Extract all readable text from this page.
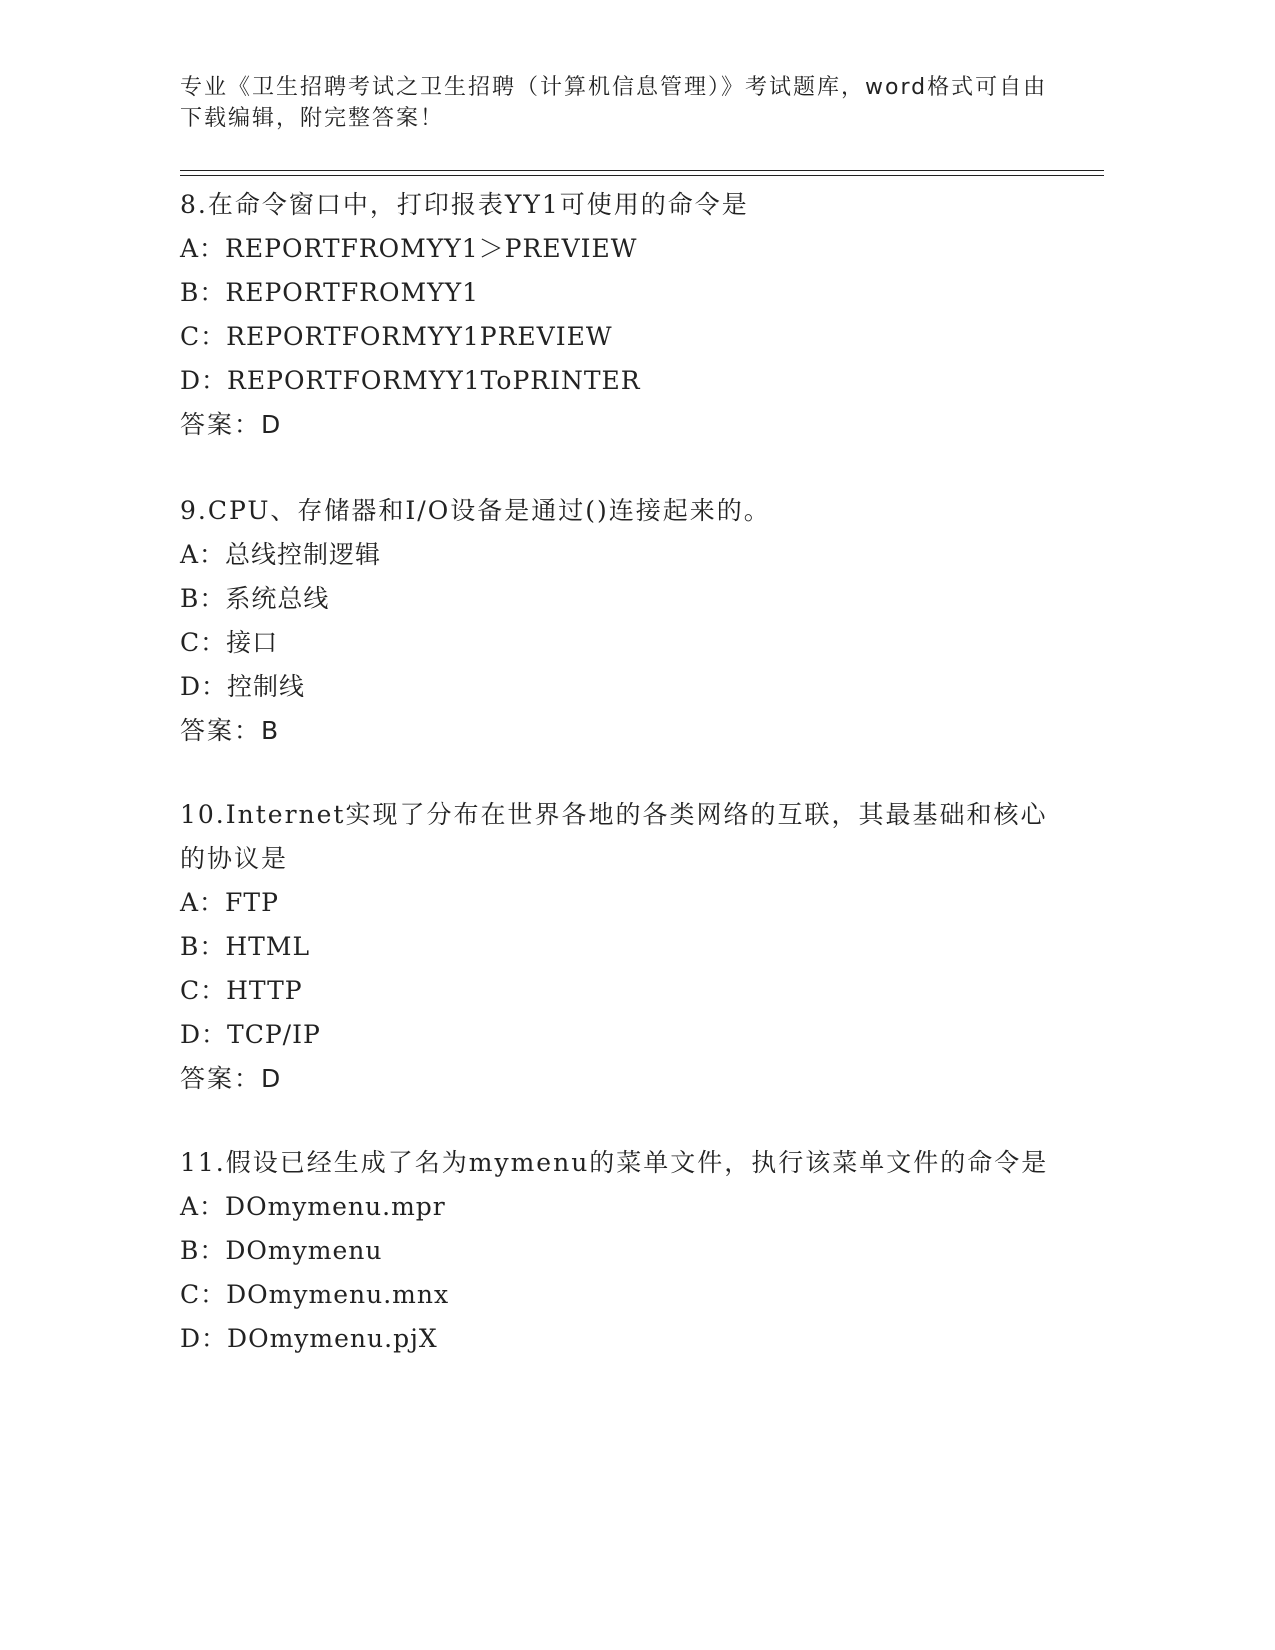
专业《卫生招聘考试之卫生招聘（计算机信息管理）》考试题库，word格式可自由下载编辑，附完整答案！

8.在命令窗口中，打印报表YY1可使用的命令是

A：REPORTFROMYY1＞PREVIEW

B：REPORTFROMYY1

C：REPORTFORMYY1PREVIEW

D：REPORTFORMYY1ToPRINTER

答案：D

9.CPU、存储器和I/O设备是通过()连接起来的。

A：总线控制逻辑

B：系统总线

C：接口

D：控制线

答案：B

10.Internet实现了分布在世界各地的各类网络的互联，其最基础和核心的协议是

A：FTP

B：HTML

C：HTTP

D：TCP/IP

答案：D

11.假设已经生成了名为mymenu的菜单文件，执行该菜单文件的命令是

A：DOmymenu.mpr

B：DOmymenu

C：DOmymenu.mnx

D：DOmymenu.pjX
